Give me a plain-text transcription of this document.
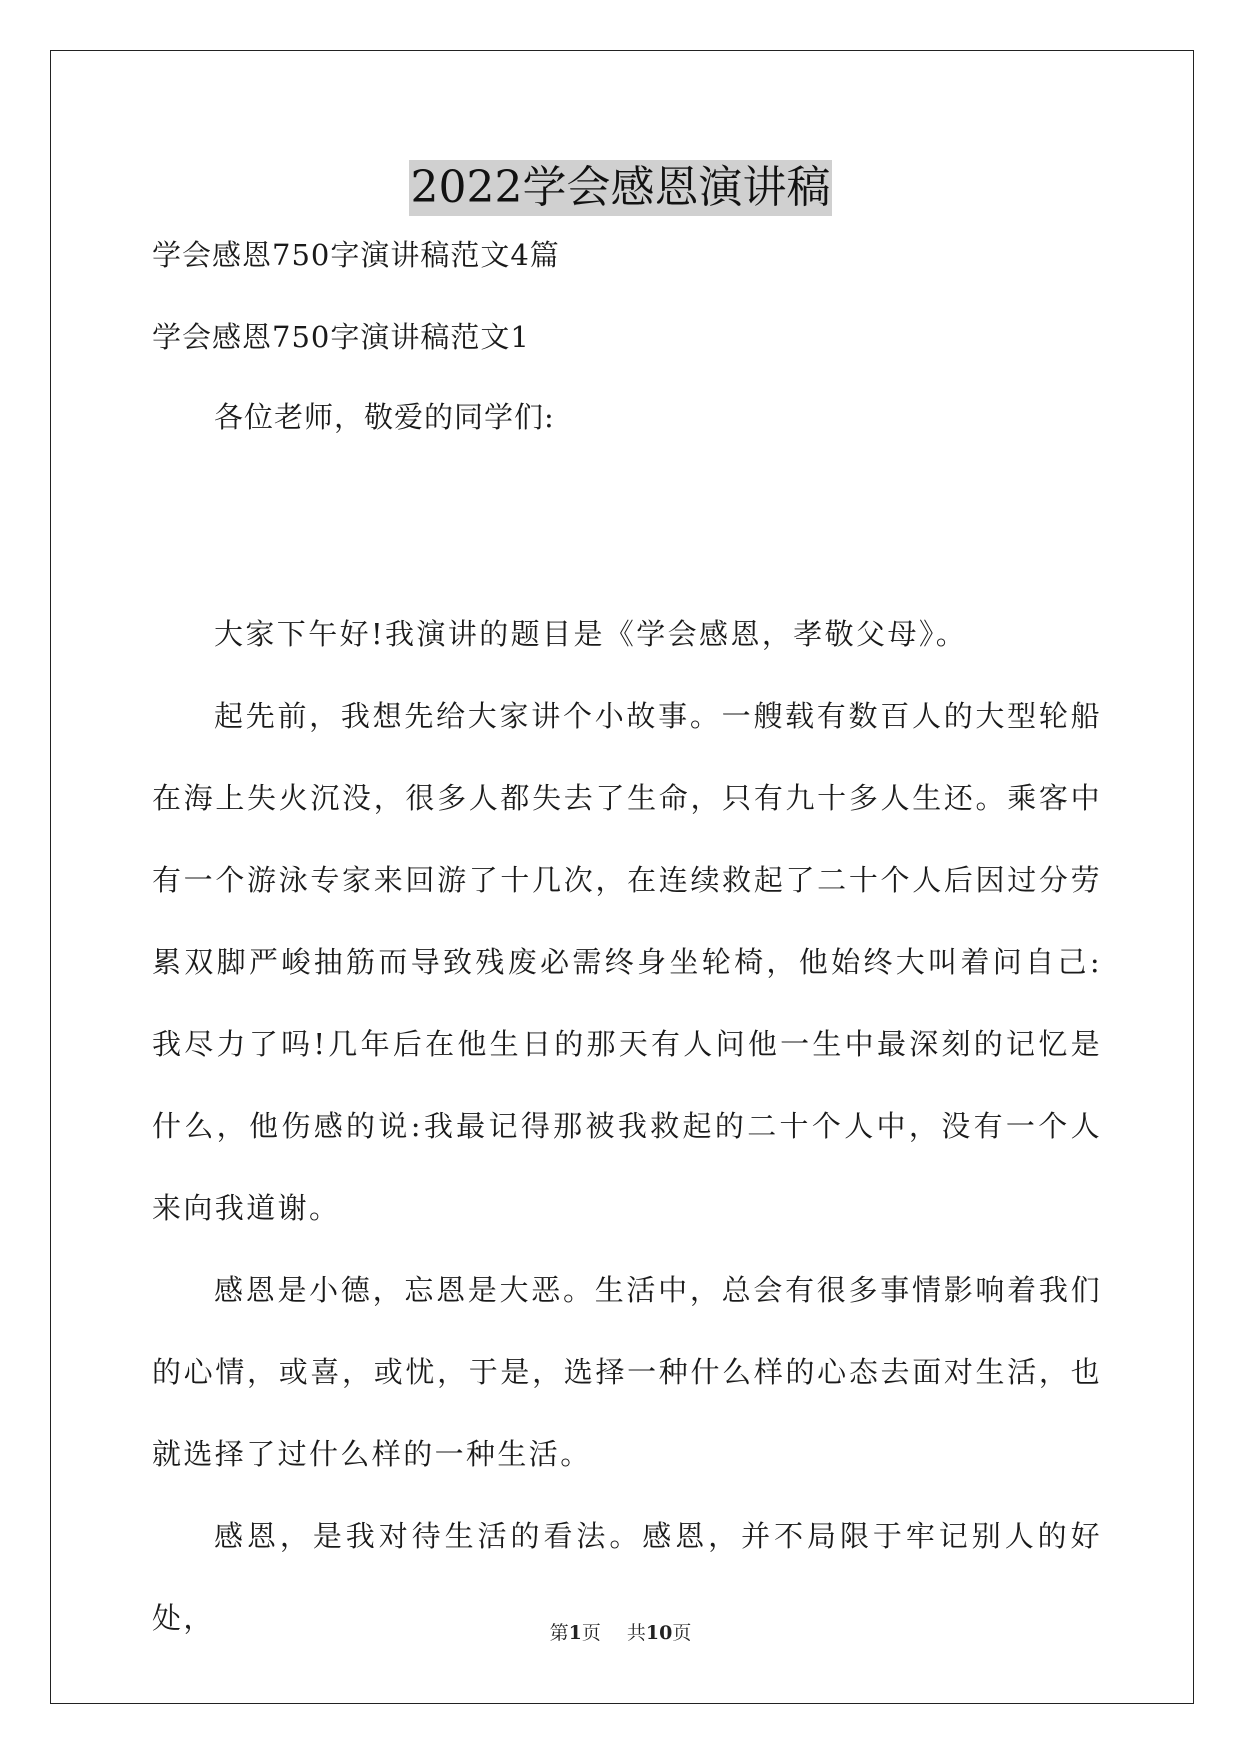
2022学会感恩演讲稿
学会感恩750字演讲稿范文4篇
学会感恩750字演讲稿范文1
各位老师，敬爱的同学们:

大家下午好!我演讲的题目是《学会感恩，孝敬父母》。

起先前，我想先给大家讲个小故事。一艘载有数百人的大型轮船在海上失火沉没，很多人都失去了生命，只有九十多人生还。乘客中有一个游泳专家来回游了十几次，在连续救起了二十个人后因过分劳累双脚严峻抽筋而导致残废必需终身坐轮椅，他始终大叫着问自己:我尽力了吗!几年后在他生日的那天有人问他一生中最深刻的记忆是什么，他伤感的说:我最记得那被我救起的二十个人中，没有一个人来向我道谢。

感恩是小德，忘恩是大恶。生活中，总会有很多事情影响着我们的心情，或喜，或忧，于是，选择一种什么样的心态去面对生活，也就选择了过什么样的一种生活。

感恩，是我对待生活的看法。感恩，并不局限于牢记别人的好处，	第1页 共10页
